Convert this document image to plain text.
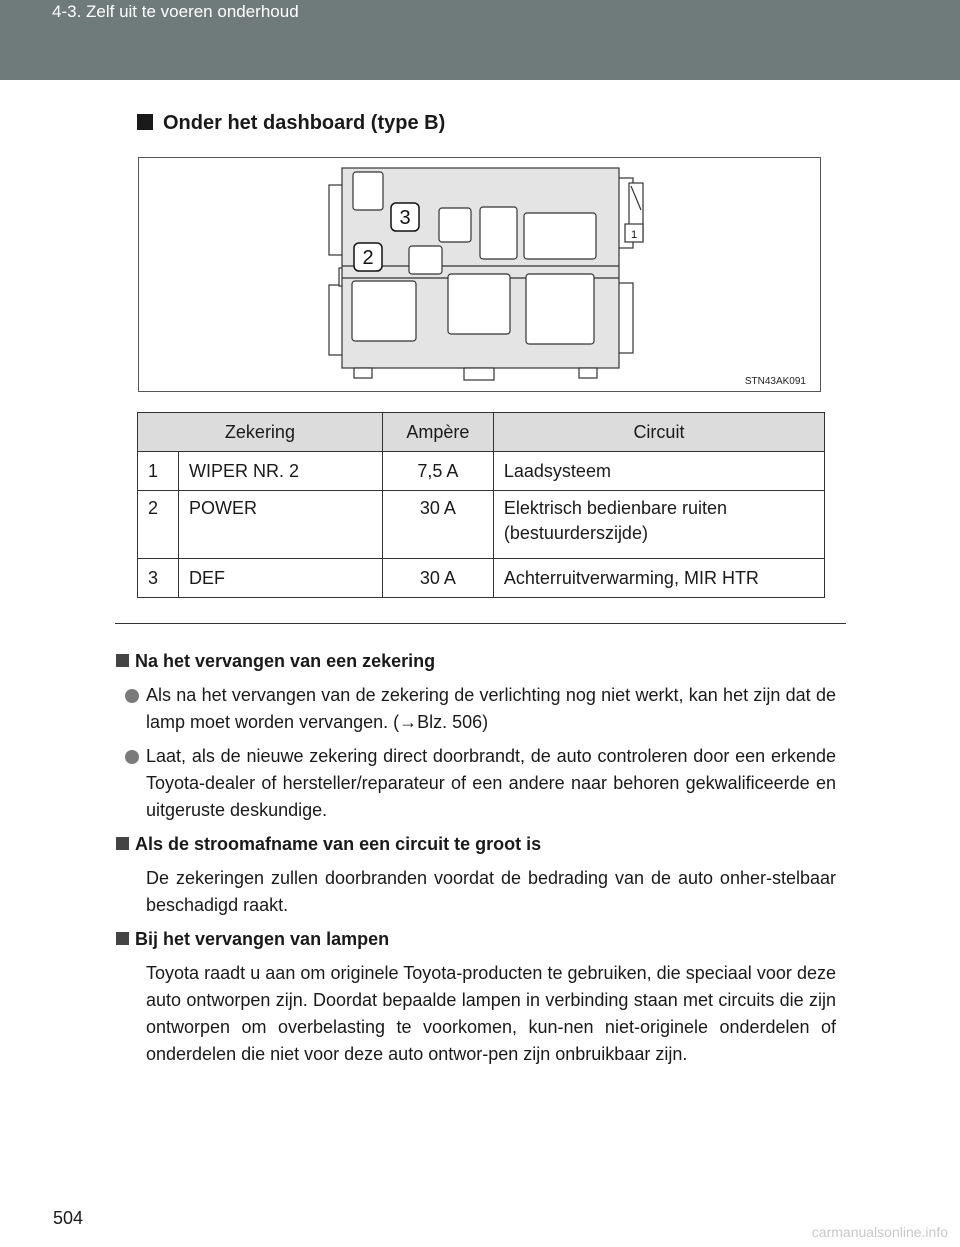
4-3. Zelf uit te voeren onderhoud
Onder het dashboard (type B)
3
2
1
STN43AK091
Zekering		Ampère	Circuit
1	WIPER NR. 2	7,5 A	Laadsysteem
2	POWER	30 A	Elektrisch bedienbare ruiten
(bestuurderszijde)
3	DEF	30 A	Achterruitverwarming, MIR HTR
Na het vervangen van een zekering
Als na het vervangen van de zekering de verlichting nog niet werkt, kan het zijn dat de lamp moet worden vervangen. (→Blz. 506)
Laat, als de nieuwe zekering direct doorbrandt, de auto controleren door een erkende Toyota-dealer of hersteller/reparateur of een andere naar behoren gekwalificeerde en uitgeruste deskundige.
Als de stroomafname van een circuit te groot is
De zekeringen zullen doorbranden voordat de bedrading van de auto onher-stelbaar beschadigd raakt.
Bij het vervangen van lampen
Toyota raadt u aan om originele Toyota-producten te gebruiken, die speciaal voor deze auto ontworpen zijn. Doordat bepaalde lampen in verbinding staan met circuits die zijn ontworpen om overbelasting te voorkomen, kun-nen niet-originele onderdelen of onderdelen die niet voor deze auto ontwor-pen zijn onbruikbaar zijn.
504
carmanualsonline.info
